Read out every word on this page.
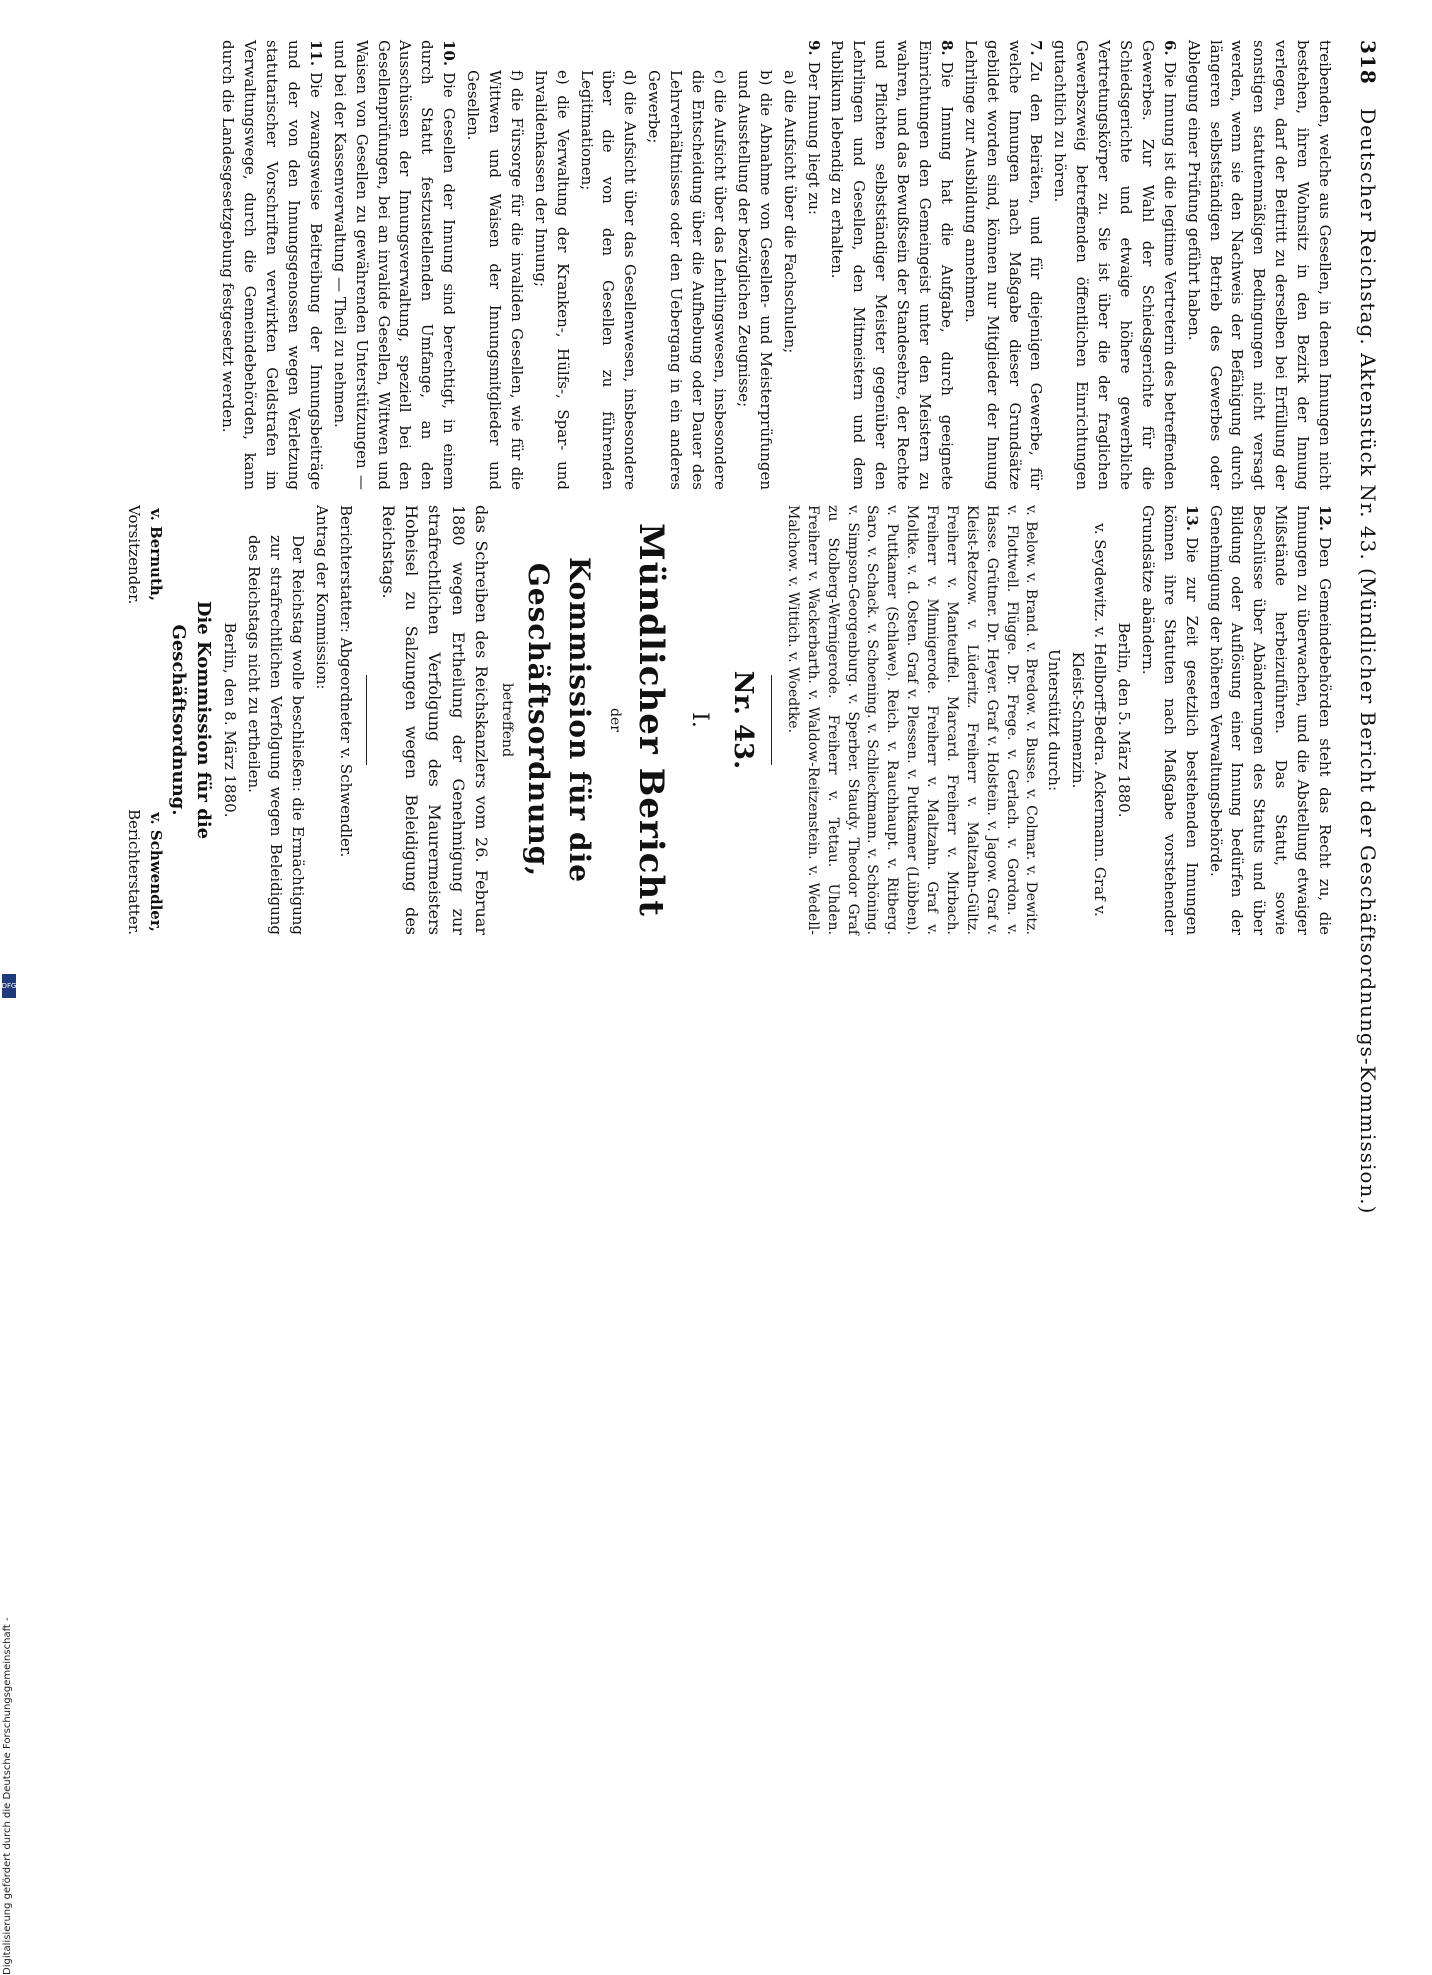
318 Deutscher Reichstag. Aktenstück Nr. 43. (Mündlicher Bericht der Geschäftsordnungs-Kommission.)

treibenden, welche aus Gesellen, in denen Innungen nicht bestehen, ihren Wohnsitz in den Bezirk der Innung verlegen, darf der Beitritt zu derselben bei Erfüllung der sonstigen statutenmäßigen Bedingungen nicht versagt werden, wenn sie den Nachweis der Befähigung durch längeren selbstständigen Betrieb des Gewerbes oder Ablegung einer Prüfung geführt haben.

6.Die Innung ist die legitime Vertreterin des betreffenden Gewerbes. Zur Wahl der Schiedsgerichte für die Schiedsgerichte und etwaige höhere gewerbliche Vertretungskörper zu. Sie ist über die der fraglichen Gewerbszweig betreffenden öffentlichen Einrichtungen gutachtlich zu hören.

7.Zu den Beiräten, und für diejenigen Gewerbe, für welche Innungen nach Maßgabe dieser Grundsätze gebildet worden sind, können nur Mitglieder der Innung Lehrlinge zur Ausbildung annehmen.

8.Die Innung hat die Aufgabe, durch geeignete Einrichtungen den Gemeingeist unter den Meistern zu wahren, und das Bewußtsein der Standesehre, der Rechte und Pflichten selbstständiger Meister gegenüber den Lehrlingen und Gesellen, den Mitmeistern und dem Publikum lebendig zu erhalten.

9.Der Innung liegt zu:

a) die Aufsicht über die Fachschulen;

b) die Abnahme von Gesellen- und Meisterprüfungen und Ausstellung der bezüglichen Zeugnisse;

c) die Aufsicht über das Lehrlingswesen, insbesondere die Entscheidung über die Aufhebung oder Dauer des Lehrverhältnisses oder den Uebergang in ein anderes Gewerbe;

d) die Aufsicht über das Gesellenwesen, insbesondere über die von den Gesellen zu führenden Legitimationen;

e) die Verwaltung der Kranken-, Hülfs-, Spar- und Invalidenkassen der Innung;

f) die Fürsorge für die invaliden Gesellen, wie für die Wittwen und Waisen der Innungsmitglieder und Gesellen.

10.Die Gesellen der Innung sind berechtigt, in einem durch Statut festzustellenden Umfange, an den Ausschüssen der Innungsverwaltung, speziell bei den Gesellenprüfungen, bei an invalide Gesellen, Wittwen und Waisen von Gesellen zu gewährenden Unterstützungen — und bei der Kassenverwaltung — Theil zu nehmen.

11.Die zwangsweise Beitreibung der Innungsbeiträge und der von den Innungsgenossen wegen Verletzung statutarischer Vorschriften verwirkten Geldstrafen im Verwaltungswege, durch die Gemeindebehörden, kann durch die Landesgesetzgebung festgesetzt werden.

12.Den Gemeindebehörden steht das Recht zu, die Innungen zu überwachen, und die Abstellung etwaiger Mißstände herbeizuführen. Das Statut, sowie Beschlüsse über Abänderungen des Statuts und über Bildung oder Auflösung einer Innung bedürfen der Genehmigung der höheren Verwaltungsbehörde.

13.Die zur Zeit gesetzlich bestehenden Innungen können ihre Statuten nach Maßgabe vorstehender Grundsätze abändern.

Berlin, den 5. März 1880.

v. Seydewitz. v. Hellborff-Bedra. Ackermann. Graf v. Kleist-Schmenzin.

Unterstützt durch:

v. Below. v. Brand. v. Bredow. v. Busse. v. Colmar. v. Dewitz. v. Flottwell. Flügge. Dr. Frege. v. Gerlach. v. Gordon. v. Hasse. Grütner. Dr. Heyer. Graf v. Holstein. v. Jagow. Graf v. Kleist-Retzow. v. Lüderitz. Freiherr v. Maltzahn-Gültz. Freiherr v. Manteuffel. Marcard. Freiherr v. Mirbach. Freiherr v. Minnigerode. Freiherr v. Maltzahn. Graf v. Moltke. v. d. Osten. Graf v. Plessen. v. Puttkamer (Lübben). v. Puttkamer (Schlawe). Reich. v. Rauchhaupt. v. Ritberg. Saro. v. Schack. v. Schoening. v. Schlieckmann. v. Schöning. v. Simpson-Georgenburg. v. Sperber. Staudy. Theodor Graf zu Stolberg-Wernigerode. Freiherr v. Tettau. Uhden. Freiherr v. Wackerbarth. v. Waldow-Reitzenstein. v. Wedell-Malchow. v. Wittich. v. Woedtke.

Nr. 43.
I.
Mündlicher Bericht
der
Kommission für die Geschäftsordnung,
betreffend

das Schreiben des Reichskanzlers vom 26. Februar 1880 wegen Ertheilung der Genehmigung zur strafrechtlichen Verfolgung des Maurermeisters Hoheisel zu Salzungen wegen Beleidigung des Reichstags.

Berichterstatter: Abgeordneter v. Schwendler.

Antrag der Kommission:

Der Reichstag wolle beschließen: die Ermächtigung zur strafrechtlichen Verfolgung wegen Beleidigung des Reichstags nicht zu ertheilen.

Berlin, den 8. März 1880.

Die Kommission für die Geschäftsordnung.
v. Bernuth,
Vorsitzender.
v. Schwendler,
Berichterstatter.
Digitalisierung gefördert durch die Deutsche Forschungsgemeinschaft -
DFG
